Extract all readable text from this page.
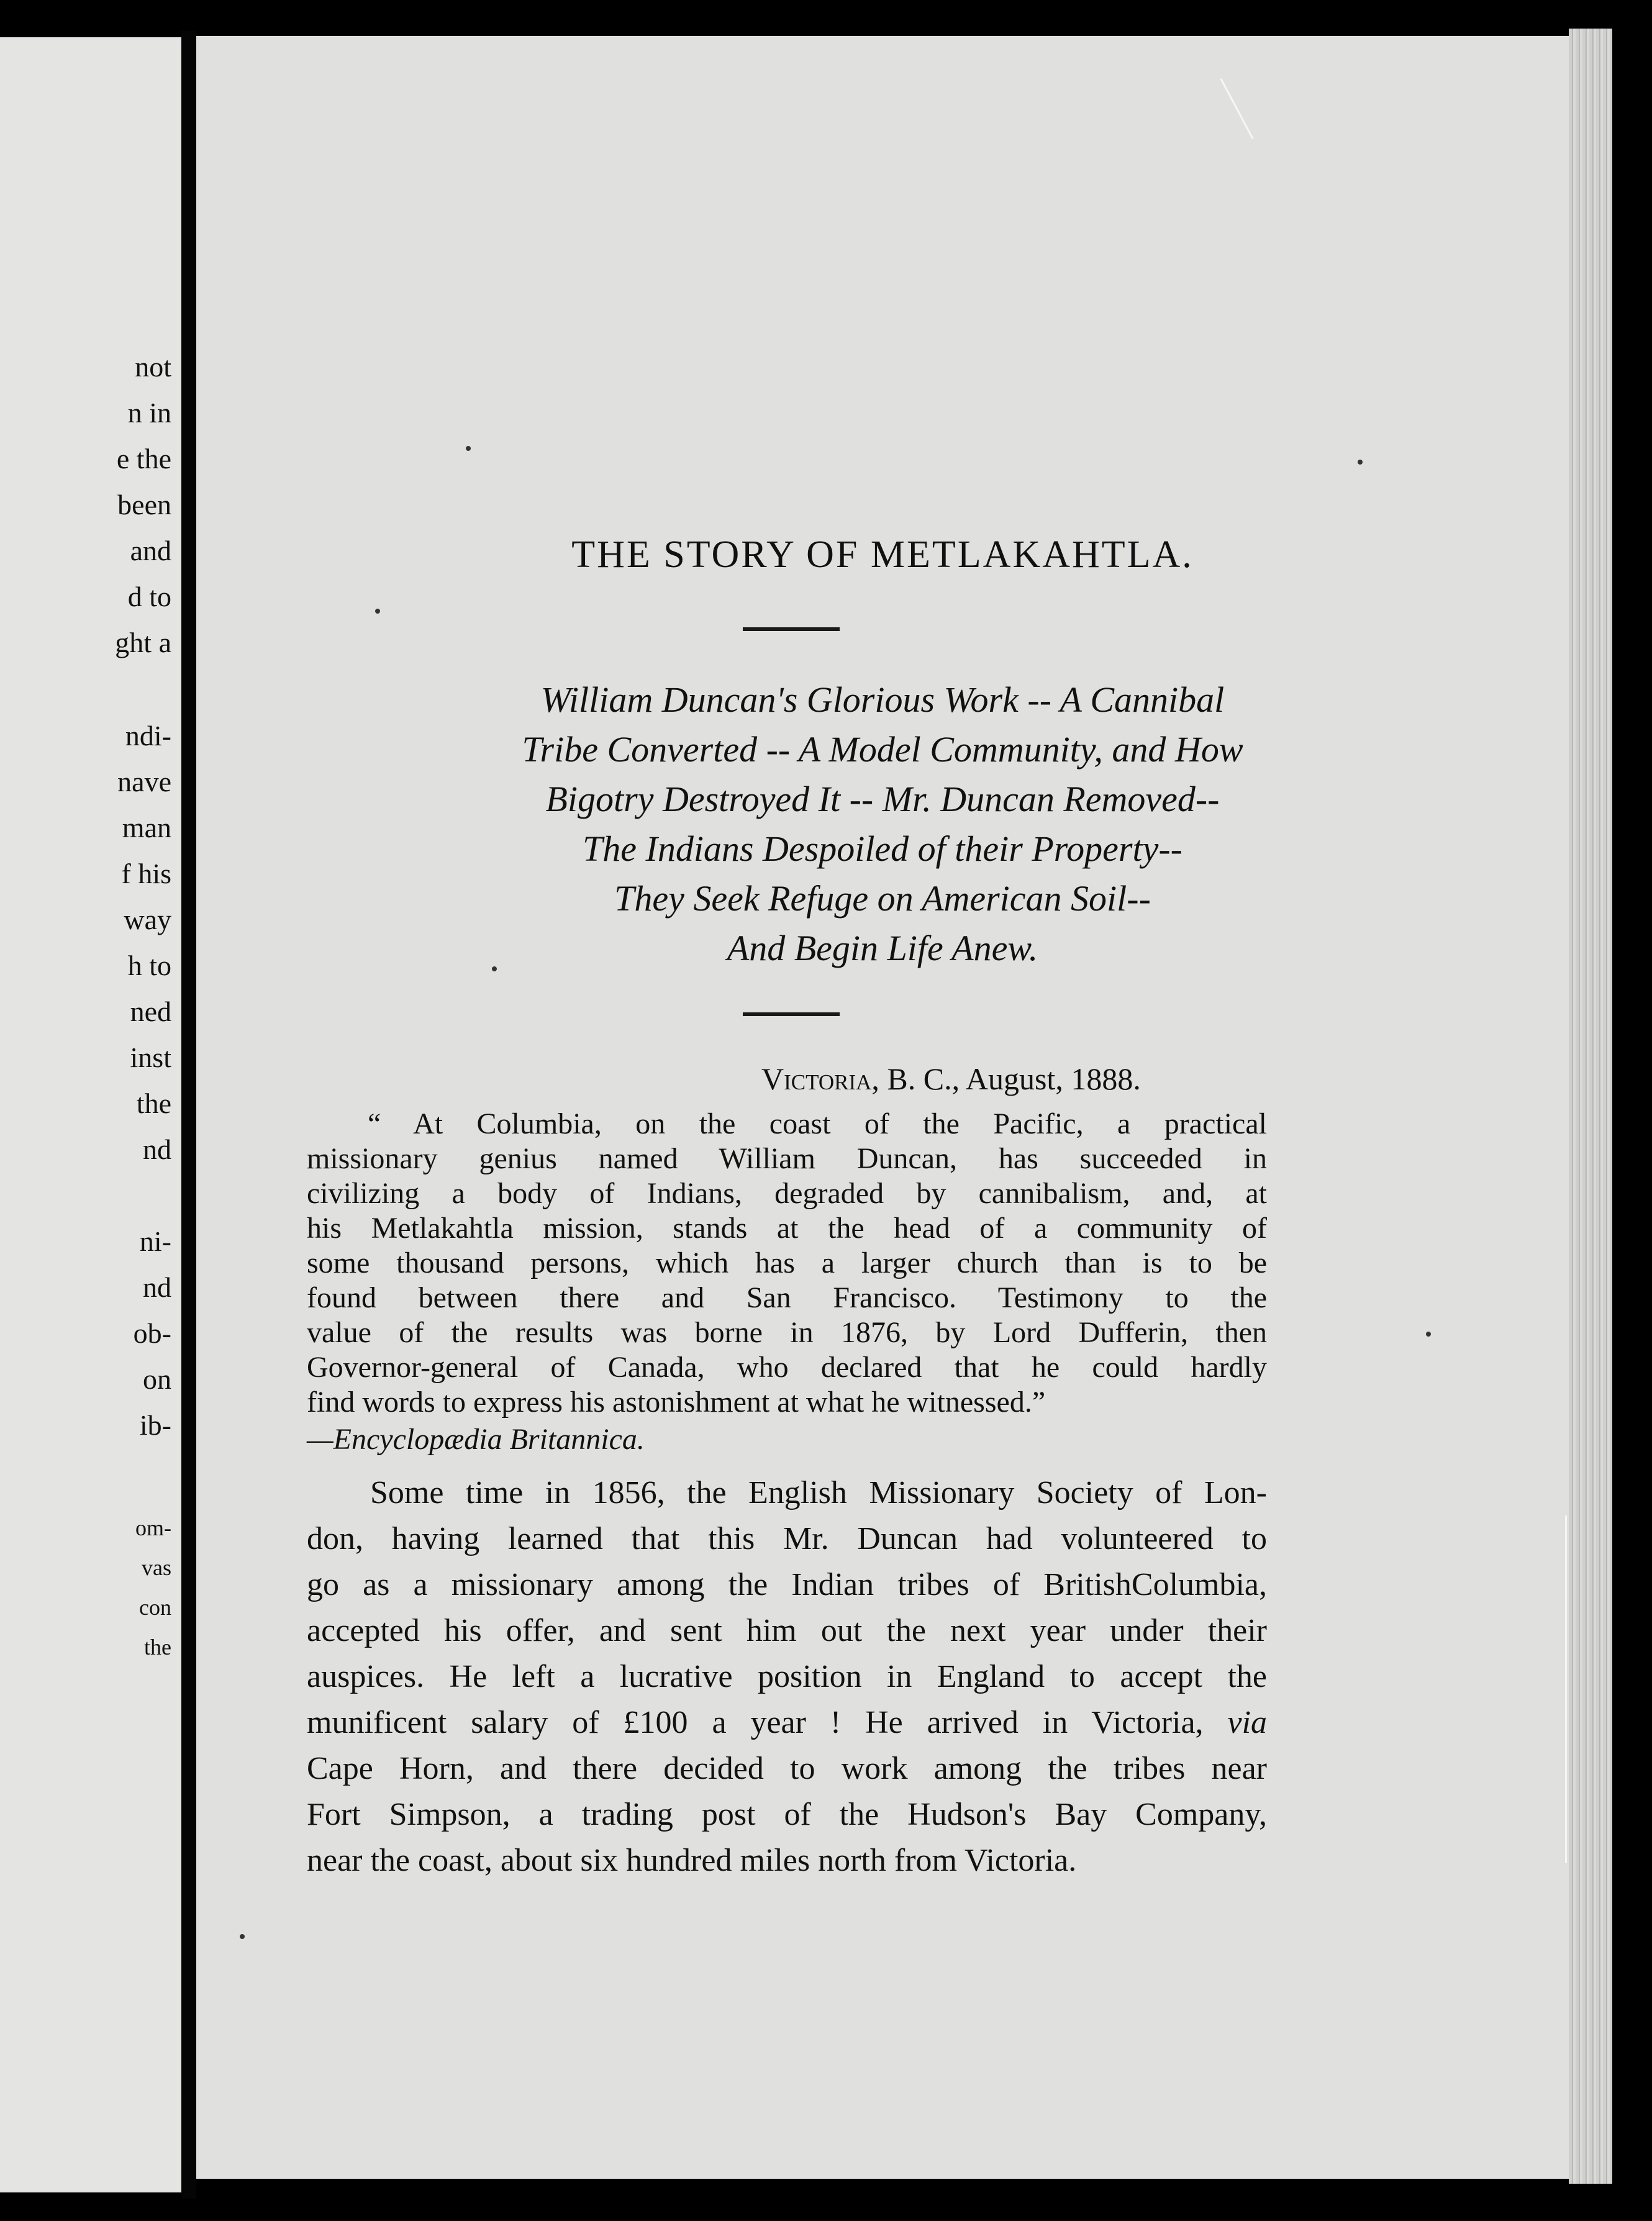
not
n in
e the
been
and
d to
ght a
ndi-
nave
man
f his
way
h to
ned
inst
the
nd
ni-
nd
ob-
on
ib-
om-
vas
con
the
THE STORY OF METLAKAHTLA.
William Duncan's Glorious Work -- A Cannibal
Tribe Converted -- A Model Community, and How
Bigotry Destroyed It -- Mr. Duncan Removed--
The Indians Despoiled of their Property--
They Seek Refuge on American Soil--
And Begin Life Anew.
Victoria, B. C., August, 1888.
“ At Columbia, on the coast of the Pacific, a practical
missionary genius named William Duncan, has succeeded in
civilizing a body of Indians, degraded by cannibalism, and, at
his Metlakahtla mission, stands at the head of a community of
some thousand persons, which has a larger church than is to be
found between there and San Francisco. Testimony to the
value of the results was borne in 1876, by Lord Dufferin, then
Governor-general of Canada, who declared that he could hardly
find words to express his astonishment at what he witnessed.”
—Encyclopædia Britannica.
Some time in 1856, the English Missionary Society of Lon-
don, having learned that this Mr. Duncan had volunteered to
go as a missionary among the Indian tribes of BritishColumbia,
accepted his offer, and sent him out the next year under their
auspices. He left a lucrative position in England to accept the
munificent salary of £100 a year ! He arrived in Victoria, via
Cape Horn, and there decided to work among the tribes near
Fort Simpson, a trading post of the Hudson's Bay Company,
near the coast, about six hundred miles north from Victoria.
